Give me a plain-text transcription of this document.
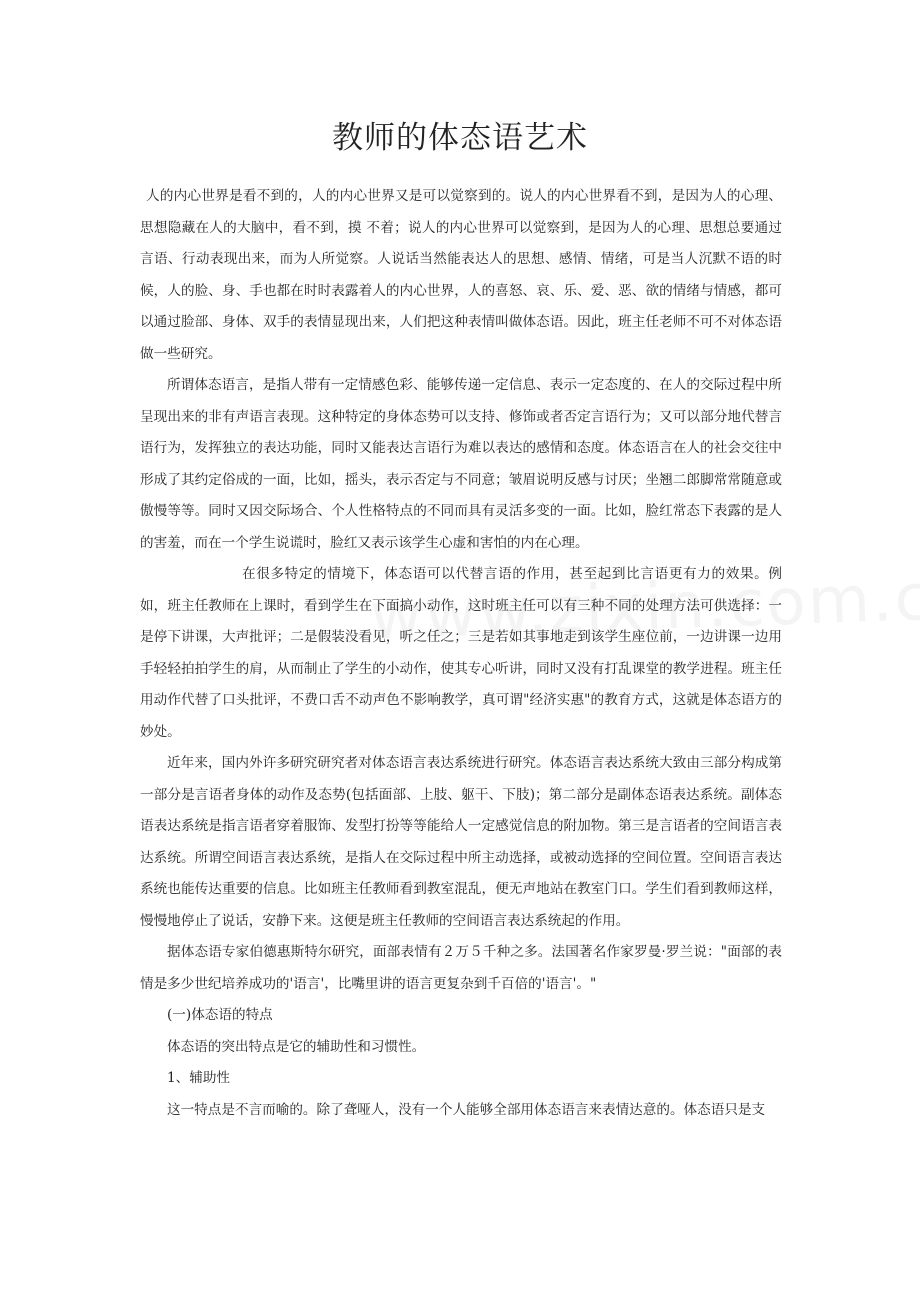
教师的体态语艺术

人的内心世界是看不到的，人的内心世界又是可以觉察到的。说人的内心世界看不到，是因为人的心理、思想隐藏在人的大脑中，看不到，摸 不着；说人的内心世界可以觉察到，是因为人的心理、思想总要通过言语、行动表现出来，而为人所觉察。人说话当然能表达人的思想、感情、情绪，可是当人沉默不语的时候，人的脸、身、手也都在时时表露着人的内心世界，人的喜怒、哀、乐、爱、恶、欲的情绪与情感，都可以通过脸部、身体、双手的表情显现出来，人们把这种表情叫做体态语。因此，班主任老师不可不对体态语做一些研究。

所谓体态语言，是指人带有一定情感色彩、能够传递一定信息、表示一定态度的、在人的交际过程中所呈现出来的非有声语言表现。这种特定的身体态势可以支持、修饰或者否定言语行为；又可以部分地代替言语行为，发挥独立的表达功能，同时又能表达言语行为难以表达的感情和态度。体态语言在人的社会交往中形成了其约定俗成的一面，比如，摇头，表示否定与不同意；皱眉说明反感与讨厌；坐翘二郎脚常常随意或傲慢等等。同时又因交际场合、个人性格特点的不同而具有灵活多变的一面。比如，脸红常态下表露的是人的害羞，而在一个学生说谎时，脸红又表示该学生心虚和害怕的内在心理。

在很多特定的情境下，体态语可以代替言语的作用，甚至起到比言语更有力的效果。例如，班主任教师在上课时，看到学生在下面搞小动作，这时班主任可以有三种不同的处理方法可供选择：一是停下讲课，大声批评；二是假装没看见，听之任之；三是若如其事地走到该学生座位前，一边讲课一边用手轻轻拍拍学生的肩，从而制止了学生的小动作，使其专心听讲，同时又没有打乱课堂的教学进程。班主任用动作代替了口头批评，不费口舌不动声色不影响教学，真可谓"经济实惠"的教育方式，这就是体态语方的妙处。

近年来，国内外许多研究研究者对体态语言表达系统进行研究。体态语言表达系统大致由三部分构成第一部分是言语者身体的动作及态势(包括面部、上肢、躯干、下肢)；第二部分是副体态语表达系统。副体态语表达系统是指言语者穿着服饰、发型打扮等等能给人一定感觉信息的附加物。第三是言语者的空间语言表达系统。所谓空间语言表达系统，是指人在交际过程中所主动选择，或被动选择的空间位置。空间语言表达系统也能传达重要的信息。比如班主任教师看到教室混乱，便无声地站在教室门口。学生们看到教师这样，慢慢地停止了说话，安静下来。这便是班主任教师的空间语言表达系统起的作用。

据体态语专家伯德惠斯特尔研究，面部表情有２万５千种之多。法国著名作家罗曼·罗兰说："面部的表情是多少世纪培养成功的'语言'，比嘴里讲的语言更复杂到千百倍的'语言'。"

(一)体态语的特点

体态语的突出特点是它的辅助性和习惯性。

1、辅助性

这一特点是不言而喻的。除了聋哑人，没有一个人能够全部用体态语言来表情达意的。体态语只是支
